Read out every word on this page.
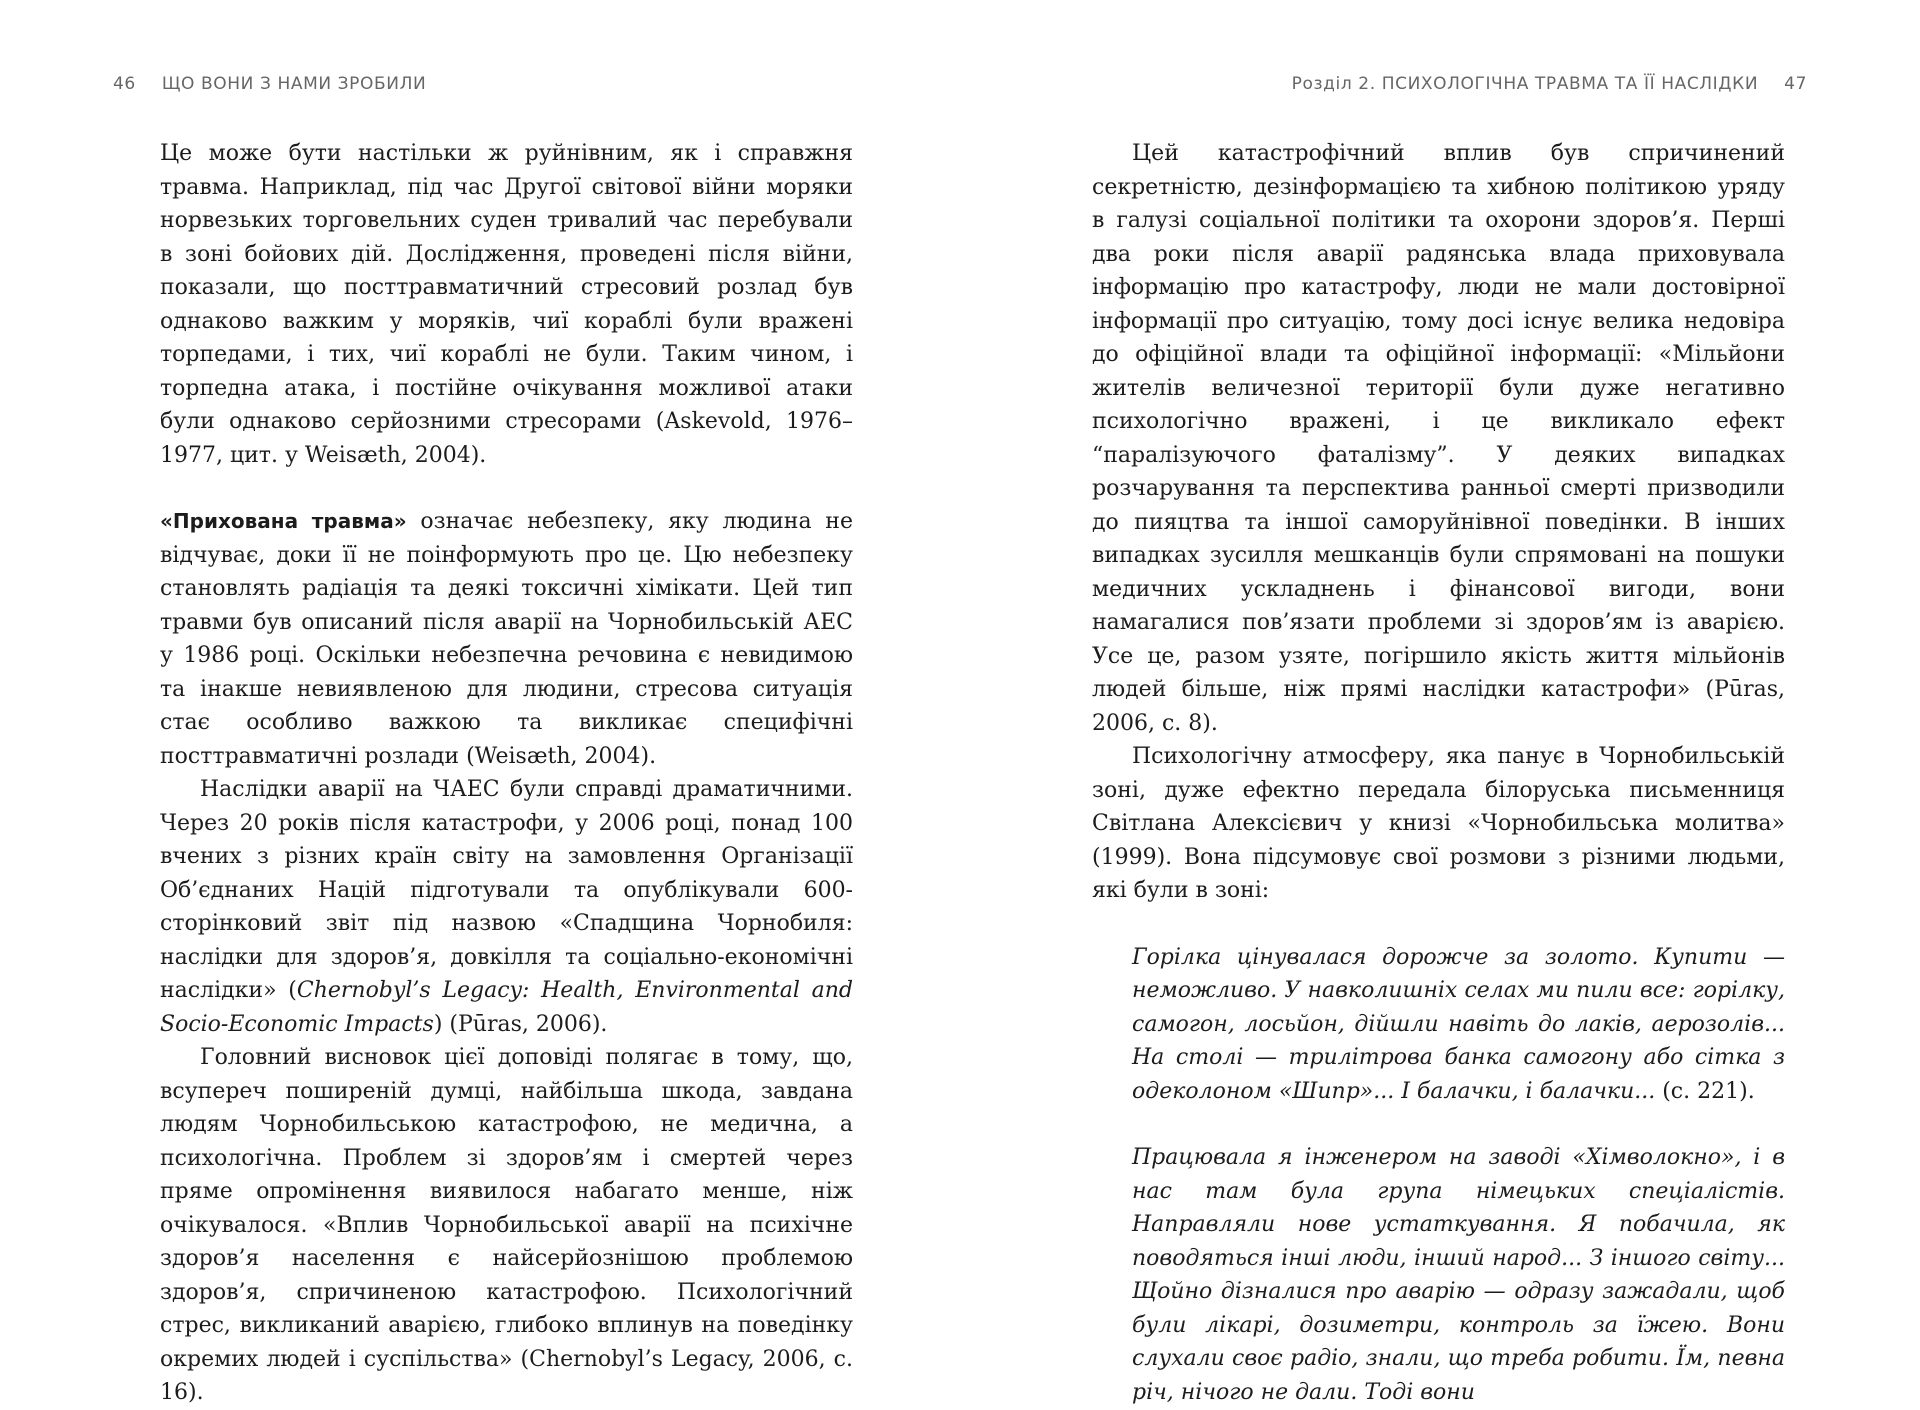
46 ЩО ВОНИ З НАМИ ЗРОБИЛИ

Це може бути настільки ж руйнівним, як і справжня травма. Наприклад, під час Другої світової війни моряки норвезьких торговельних суден тривалий час перебували в зоні бойових дій. Дослідження, проведені після війни, показали, що посттравматичний стресовий розлад був однаково важким у моряків, чиї кораблі були вражені торпедами, і тих, чиї кораблі не були. Таким чином, і торпедна атака, і постійне очікування можливої атаки були однаково серйозними стресорами (Askevold, 1976–1977, цит. у Weisæth, 2004).

«Прихована травма» означає небезпеку, яку людина не відчуває, доки її не поінформують про це. Цю небезпеку становлять радіація та деякі токсичні хімікати. Цей тип травми був описаний після аварії на Чорнобильській АЕС у 1986 році. Оскільки небезпечна речовина є невидимою та інакше невиявленою для людини, стресова ситуація стає особливо важкою та викликає специфічні посттравматичні розлади (Weisæth, 2004).

Наслідки аварії на ЧАЕС були справді драматичними. Через 20 років після катастрофи, у 2006 році, понад 100 вчених з різних країн світу на замовлення Організації Об’єднаних Націй підготували та опублікували 600-сторінковий звіт під назвою «Спадщина Чорнобиля: наслідки для здоров’я, довкілля та соціально-економічні наслідки» (Chernobyl’s Legacy: Health, Environmental and Socio-Economic Impacts) (Pūras, 2006).

Головний висновок цієї доповіді полягає в тому, що, всупереч поширеній думці, найбільша шкода, завдана людям Чорнобильською катастрофою, не медична, а психологічна. Проблем зі здоров’ям і смертей через пряме опромінення виявилося набагато менше, ніж очікувалося. «Вплив Чорнобильської аварії на психічне здоров’я населення є найсерйознішою проблемою здоров’я, спричиненою катастрофою. Психологічний стрес, викликаний аварією, глибоко вплинув на поведінку окремих людей і суспільства» (Chernobyl’s Legacy, 2006, с. 16).

Розділ 2. ПСИХОЛОГІЧНА ТРАВМА ТА ЇЇ НАСЛІДКИ 47

Цей катастрофічний вплив був спричинений секретністю, дезінформацією та хибною політикою уряду в галузі соціальної політики та охорони здоров’я. Перші два роки після аварії радянська влада приховувала інформацію про катастрофу, люди не мали достовірної інформації про ситуацію, тому досі існує велика недовіра до офіційної влади та офіційної інформації: «Мільйони жителів величезної території були дуже негативно психологічно вражені, і це викликало ефект “паралізуючого фаталізму”. У деяких випадках розчарування та перспектива ранньої смерті призводили до пияцтва та іншої саморуйнівної поведінки. В інших випадках зусилля мешканців були спрямовані на пошуки медичних ускладнень і фінансової вигоди, вони намагалися пов’язати проблеми зі здоров’ям із аварією. Усе це, разом узяте, погіршило якість життя мільйонів людей більше, ніж прямі наслідки катастрофи» (Pūras, 2006, с. 8).

Психологічну атмосферу, яка панує в Чорнобильській зоні, дуже ефектно передала білоруська письменниця Світлана Алексієвич у книзі «Чорнобильська молитва» (1999). Вона підсумовує свої розмови з різними людьми, які були в зоні:

Горілка цінувалася дорожче за золото. Купити — неможливо. У навколишніх селах ми пили все: горілку, самогон, лосьйон, дійшли навіть до лаків, аерозолів... На столі — трилітрова банка самогону або сітка з одеколоном «Шипр»... І балачки, і балачки... (с. 221).

Працювала я інженером на заводі «Хімволокно», і в нас там була група німецьких спеціалістів. Направляли нове устаткування. Я побачила, як поводяться інші люди, інший народ... З іншого світу... Щойно дізналися про аварію — одразу зажадали, щоб були лікарі, дозиметри, контроль за їжею. Вони слухали своє радіо, знали, що треба робити. Їм, певна річ, нічого не дали. Тоді вони
